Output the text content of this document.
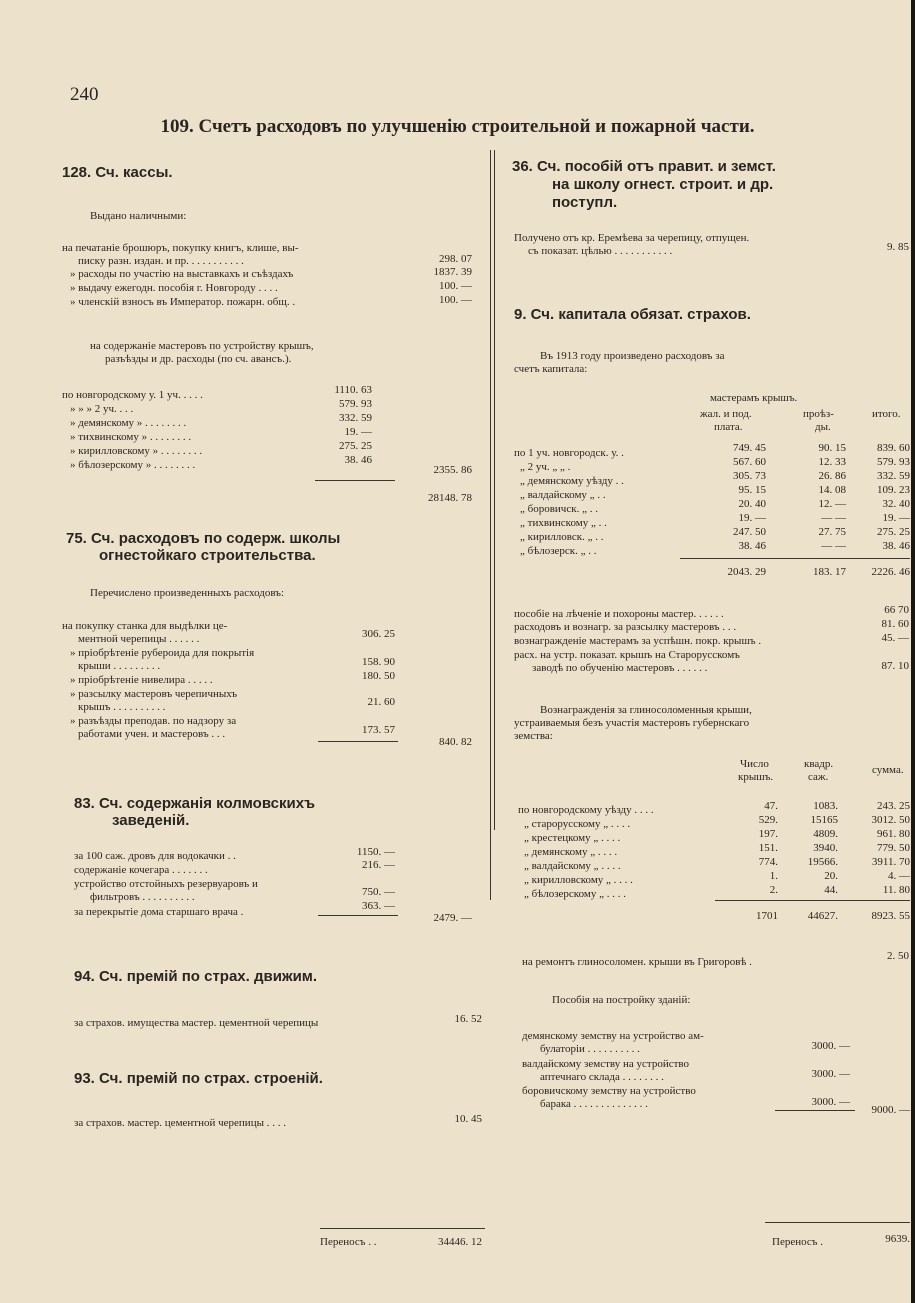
240
109. Счетъ расходовъ по улучшенію строительной и пожарной части.
128. Сч. кассы.
Выдано наличными:
на печатаніе брошюръ, покупку книгъ, клише, вы-
писку разн. издан. и пр. . . . . . . . . . .	298. 07
» расходы по участію на выставкахъ и съѣздахъ	1837. 39
» выдачу ежегодн. пособія г. Новгороду . . . .	100. —
» членскій взносъ въ Император. пожарн. общ. .	100. —
на содержаніе мастеровъ по устройству крышъ,
разъѣзды и др. расходы (по сч. авансъ.).
по новгородскому у. 1 уч. . . . .	1110. 63
» » » 2 уч. . . .	579. 93
» демянскому » . . . . . . . .	332. 59
» тихвинскому » . . . . . . . .	19. —
» кирилловскому » . . . . . . . .	275. 25
» бѣлозерскому » . . . . . . . .	38. 46
2355. 86
28148. 78
75. Сч. расходовъ по содерж. школы
огнестойкаго строительства.
Перечислено произведенныхъ расходовъ:
на покупку станка для выдѣлки це-
ментной черепицы . . . . . .	306. 25
» пріобрѣтеніе рубероида для покрытія
крыши . . . . . . . . .	158. 90
» пріобрѣтеніе нивелира . . . . .	180. 50
» разсылку мастеровъ черепичныхъ
крышъ . . . . . . . . . .	21. 60
» разъѣзды преподав. по надзору за
работами учен. и мастеровъ . . .	173. 57
840. 82
83. Сч. содержанія колмовскихъ
заведеній.
за 100 саж. дровъ для водокачки . .	1150. —
содержаніе кочегара . . . . . . .	216. —
устройство отстойныхъ резервуаровъ и
фильтровъ . . . . . . . . . .	750. —
за перекрытіе дома старшаго врача .	363. —
2479. —
94. Сч. премій по страх. движим.
за страхов. имущества мастер. цементной черепицы	16. 52
93. Сч. премій по страх. строеній.
за страхов. мастер. цементной черепицы . . . .	10. 45
Переносъ . .	34446. 12
36. Сч. пособій отъ правит. и земст.
на школу огнест. строит. и др.
поступл.
Получено отъ кр. Еремѣева за черепицу, отпущен.
съ показат. цѣлью . . . . . . . . . . .	9. 85
9. Сч. капитала обязат. страхов.
Въ 1913 году произведено расходовъ за
счетъ капитала:
мастерамъ крышъ.
жал. и под.
плата.
проѣз-
ды.
итого.
по 1 уч. новгородск. у. .	749. 45	90. 15	839. 60
„ 2 уч. „ „ .	567. 60	12. 33	579. 93
„ демянскому уѣзду . .	305. 73	26. 86	332. 59
„ валдайскому „ . .	95. 15	14. 08	109. 23
„ боровичск. „ . .	20. 40	12. —	32. 40
„ тихвинскому „ . .	19. —	— —	19. —
„ кирилловск. „ . .	247. 50	27. 75	275. 25
„ бѣлозерск. „ . .	38. 46	— —	38. 46
2043. 29	183. 17	2226. 46
пособіе на лѣченіе и похороны мастер. . . . . .	66 70
расходовъ и вознагр. за разсылку мастеровъ . . .	81. 60
вознагражденіе мастерамъ за успѣшн. покр. крышъ .	45. —
расх. на устр. показат. крышъ на Старорусскомъ
заводѣ по обученію мастеровъ . . . . . .	87. 10
Вознагражденія за глиносоломенныя крыши,
устраиваемыя безъ участія мастеровъ губернскаго
земства:
Число
крышъ.
квадр.
саж.
сумма.
по новгородскому уѣзду . . . .	47.	1083.	243. 25
„ старорусскому „ . . . .	529.	15165	3012. 50
„ крестецкому „ . . . .	197.	4809.	961. 80
„ демянскому „ . . . .	151.	3940.	779. 50
„ валдайскому „ . . . .	774.	19566.	3911. 70
„ кирилловскому „ . . . .	1.	20.	4. —
„ бѣлозерскому „ . . . .	2.	44.	11. 80
1701	44627.	8923. 55
на ремонтъ глиносоломен. крыши въ Григоровѣ .	2. 50
Пособія на постройку зданій:
демянскому земству на устройство ам-
булаторіи . . . . . . . . . .	3000. —
валдайскому земству на устройство
аптечнаго склада . . . . . . . .	3000. —
боровичскому земству на устройство
барака . . . . . . . . . . . . . .	3000. —
9000. —
Переносъ .	9639.
